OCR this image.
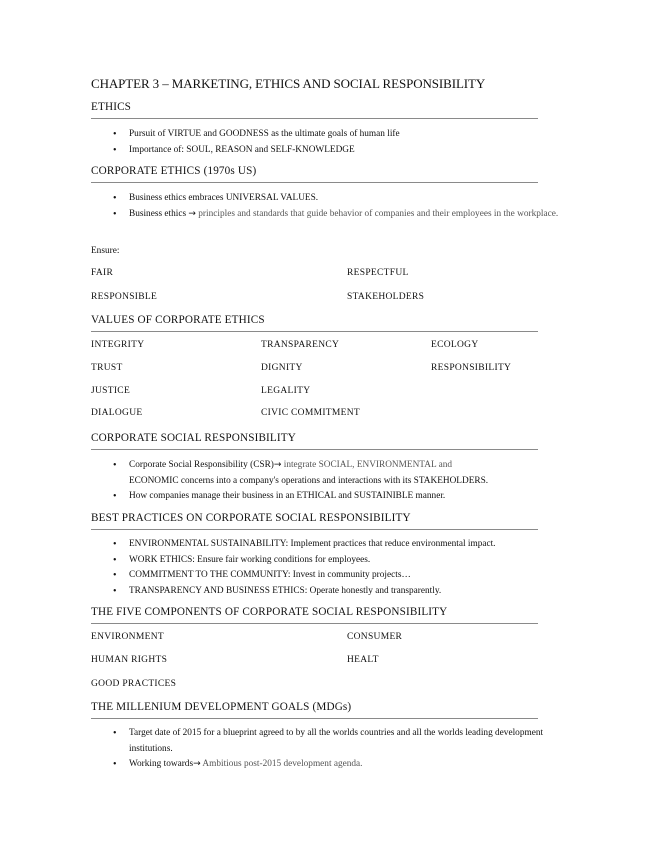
CHAPTER 3 – MARKETING, ETHICS AND SOCIAL RESPONSIBILITY
ETHICS
• Pursuit of VIRTUE and GOODNESS as the ultimate goals of human life
• Importance of: SOUL, REASON and SELF-KNOWLEDGE
CORPORATE ETHICS (1970s US)
• Business ethics embraces UNIVERSAL VALUES.
• Business ethics → principles and standards that guide behavior of companies and their employees in the workplace.
Ensure:
FAIR	RESPECTFUL
RESPONSIBLE	STAKEHOLDERS
VALUES OF CORPORATE ETHICS
INTEGRITY	TRANSPARENCY	ECOLOGY
TRUST	DIGNITY	RESPONSIBILITY
JUSTICE	LEGALITY
DIALOGUE	CIVIC COMMITMENT
CORPORATE SOCIAL RESPONSIBILITY
• Corporate Social Responsibility (CSR)→ integrate SOCIAL, ENVIRONMENTAL and
ECONOMIC concerns into a company's operations and interactions with its STAKEHOLDERS.
• How companies manage their business in an ETHICAL and SUSTAINIBLE manner.
BEST PRACTICES ON CORPORATE SOCIAL RESPONSIBILITY
• ENVIRONMENTAL SUSTAINABILITY: Implement practices that reduce environmental impact.
• WORK ETHICS: Ensure fair working conditions for employees.
• COMMITMENT TO THE COMMUNITY: Invest in community projects…
• TRANSPARENCY AND BUSINESS ETHICS: Operate honestly and transparently.
THE FIVE COMPONENTS OF CORPORATE SOCIAL RESPONSIBILITY
ENVIRONMENT	CONSUMER
HUMAN RIGHTS	HEALT
GOOD PRACTICES
THE MILLENIUM DEVELOPMENT GOALS (MDGs)
• Target date of 2015 for a blueprint agreed to by all the worlds countries and all the worlds leading development institutions.
• Working towards→ Ambitious post-2015 development agenda.
